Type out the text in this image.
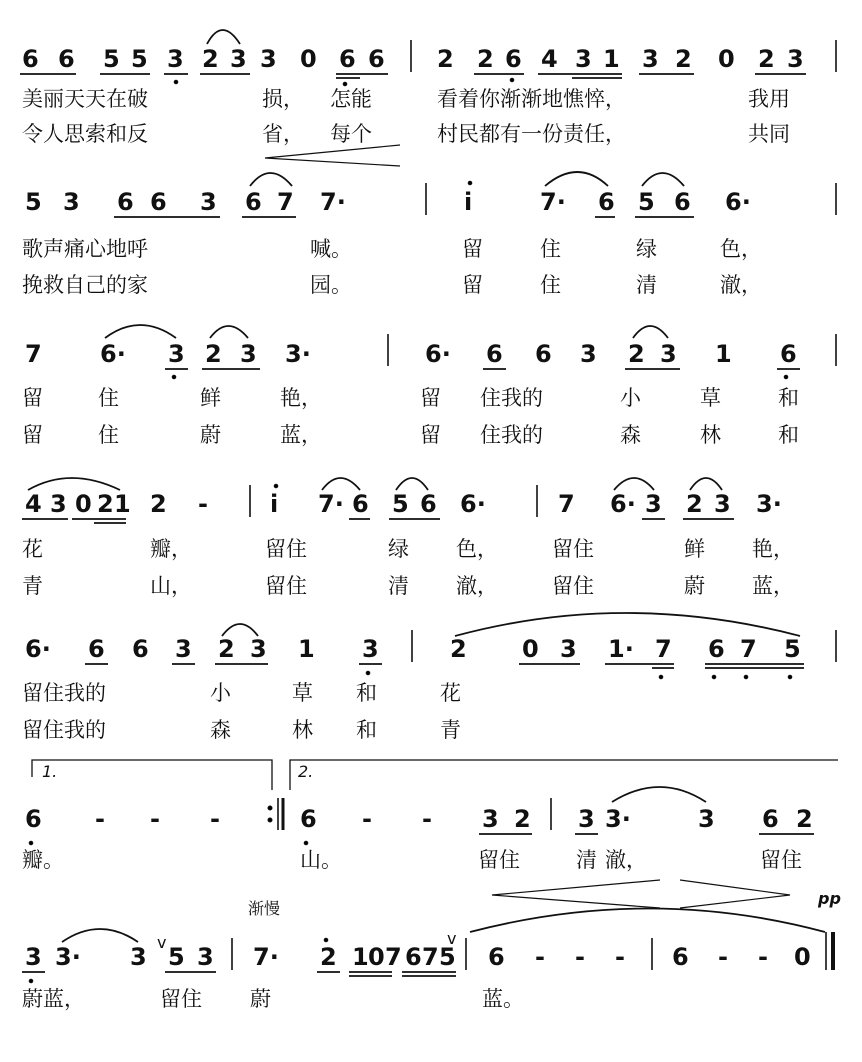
6 6 5 5 3 2 3 3 0 6 6 2 2 6 4 3 1 3 2 0 2 3
美丽天天在破	损， 怎能	看着你渐渐地憔悴，	我用
令人思索和反	省， 每个	村民都有一份责任，	共同
5 3 6 6 3 6 7 7·	i	7· 6 5 6 6·
歌声痛心地呼	喊。	留	住	绿	色，
挽救自己的家	园。	留	住	清	澈，
7 6· 3 2 3 3·	6· 6 6 3 2 3 1 6
留	住	鲜	艳，	留 住我的	小	草	和
留	住	蔚	蓝，	留 住我的	森	林	和
4 3 0 2 1 2 -	i 7· 6 5 6 6·	7 6· 3 2 3 3·
花	瓣，	留住	绿 色，	留住	鲜 艳，
青	山，	留住	清 澈，	留住	蔚 蓝，
6· 6 6 3 2 3 1 3	2 0 3 1· 7 6 7 5
留住我的	小	草 和	花
留住我的	森	林 和	青
1.	2.
6 - - -	6 - - 3 2 3 3·	3 6 2
瓣。	山。	留住	清 澈，	留住
渐慢
pp
3 3· 3
v
5 3 7· 2 1 0 7 6 7 5
v
6 - - - 6 - - 0
蔚蓝，	留住 蔚	蓝。
